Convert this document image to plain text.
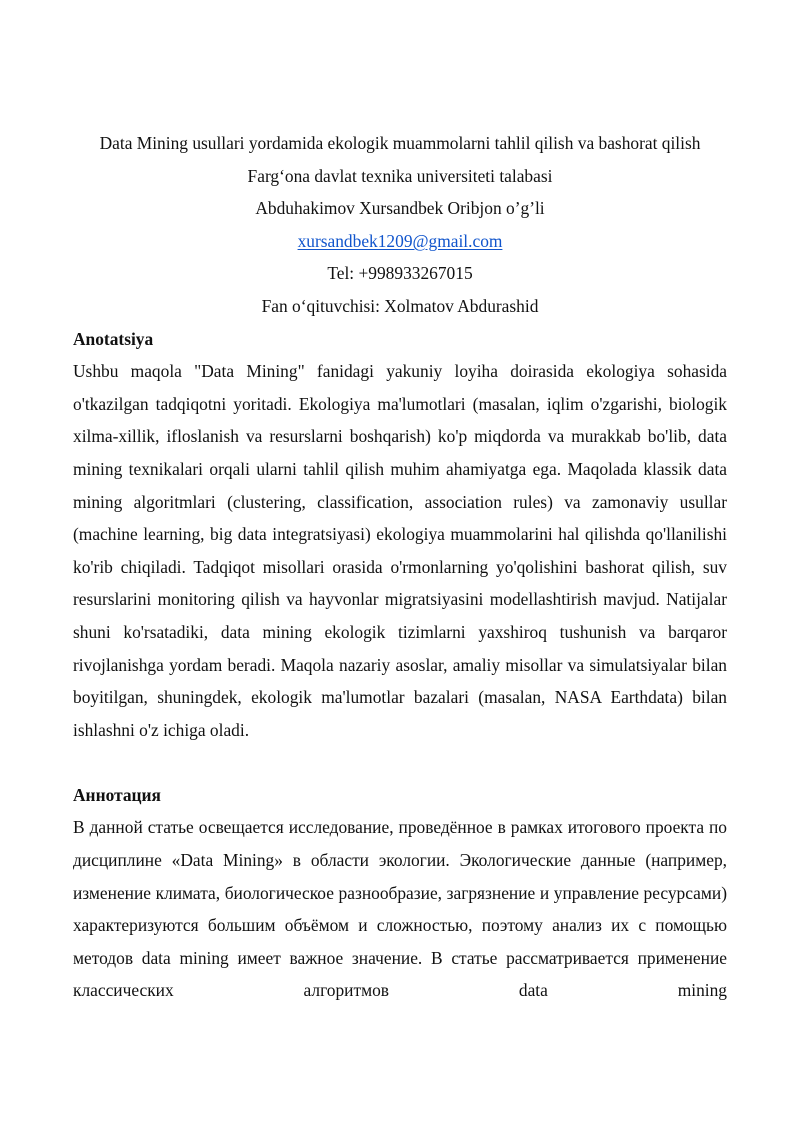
Data Mining usullari yordamida ekologik muammolarni tahlil qilish va bashorat qilish
Farg‘ona davlat texnika universiteti talabasi
Abduhakimov Xursandbek Oribjon o’g’li
xursandbek1209@gmail.com
Tel: +998933267015
Fan o‘qituvchisi: Xolmatov Abdurashid
Anotatsiya

Ushbu maqola "Data Mining" fanidagi yakuniy loyiha doirasida ekologiya sohasida o'tkazilgan tadqiqotni yoritadi. Ekologiya ma'lumotlari (masalan, iqlim o'zgarishi, biologik xilma-xillik, ifloslanish va resurslarni boshqarish) ko'p miqdorda va murakkab bo'lib, data mining texnikalari orqali ularni tahlil qilish muhim ahamiyatga ega. Maqolada klassik data mining algoritmlari (clustering, classification, association rules) va zamonaviy usullar (machine learning, big data integratsiyasi) ekologiya muammolarini hal qilishda qo'llanilishi ko'rib chiqiladi. Tadqiqot misollari orasida o'rmonlarning yo'qolishini bashorat qilish, suv resurslarini monitoring qilish va hayvonlar migratsiyasini modellashtirish mavjud. Natijalar shuni ko'rsatadiki, data mining ekologik tizimlarni yaxshiroq tushunish va barqaror rivojlanishga yordam beradi. Maqola nazariy asoslar, amaliy misollar va simulatsiyalar bilan boyitilgan, shuningdek, ekologik ma'lumotlar bazalari (masalan, NASA Earthdata) bilan ishlashni o'z ichiga oladi.

Аннотация

В данной статье освещается исследование, проведённое в рамках итогового проекта по дисциплине «Data Mining» в области экологии. Экологические данные (например, изменение климата, биологическое разнообразие, загрязнение и управление ресурсами) характеризуются большим объёмом и сложностью, поэтому анализ их с помощью методов data mining имеет важное значение. В статье рассматривается применение классических алгоритмов data mining
